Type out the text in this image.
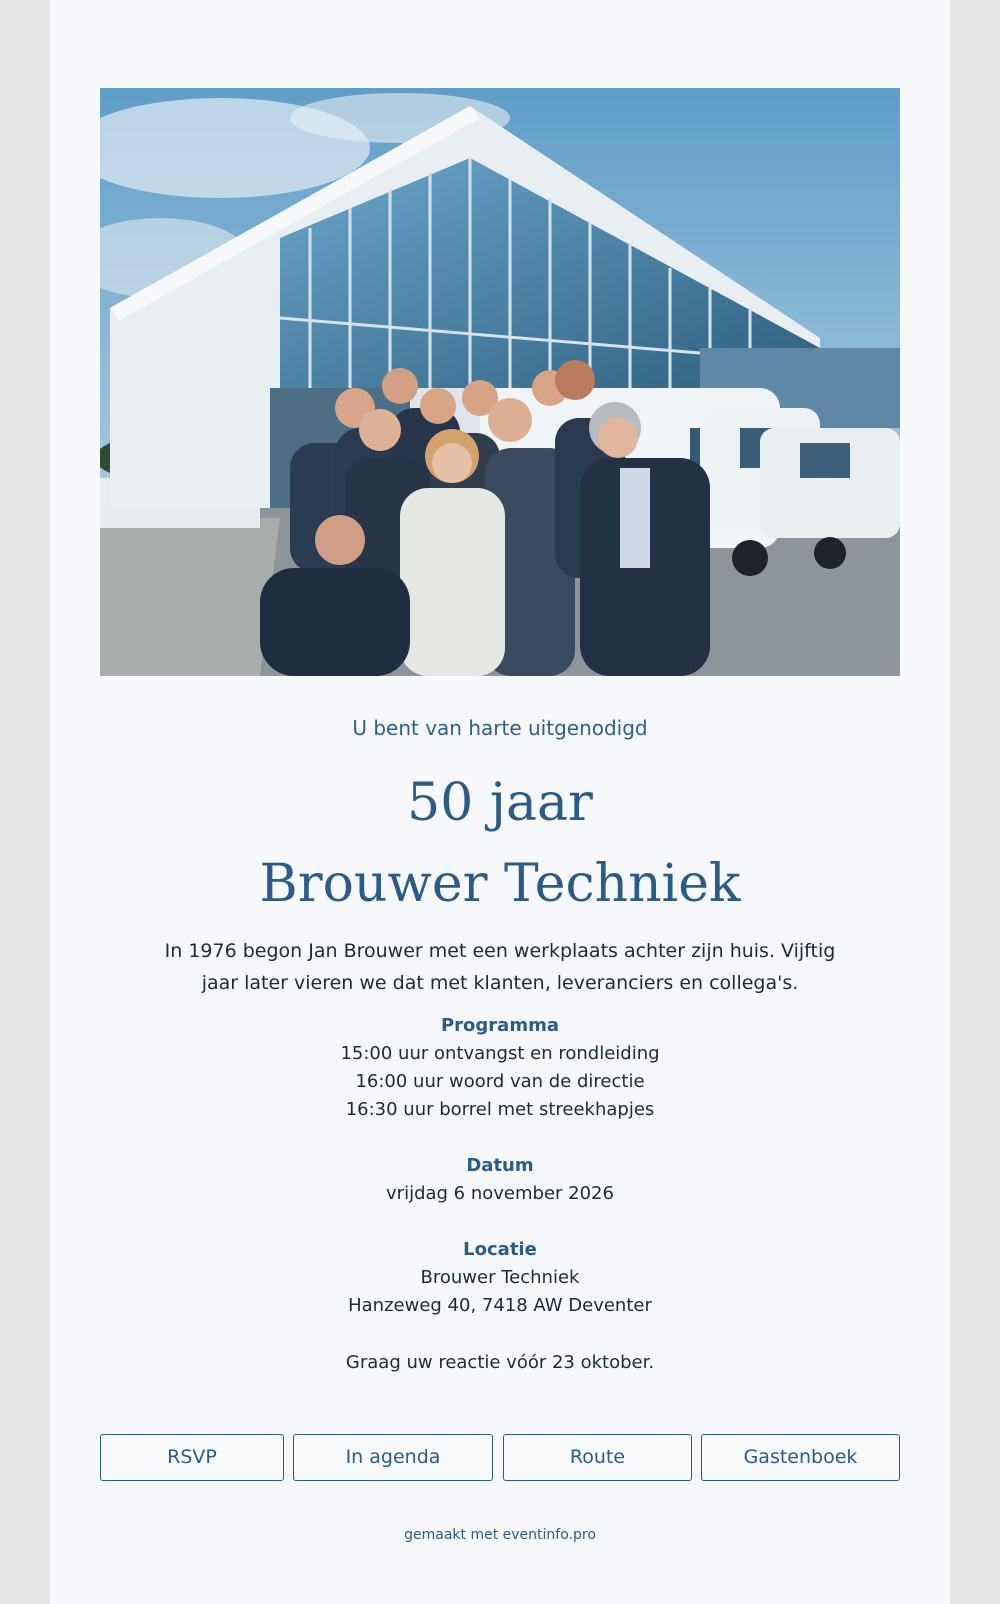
U bent van harte uitgenodigd
50 jaar
Brouwer Techniek
In 1976 begon Jan Brouwer met een werkplaats achter zijn huis. Vijftig jaar later vieren we dat met klanten, leveranciers en collega's.
Programma
15:00 uur ontvangst en rondleiding
16:00 uur woord van de directie
16:30 uur borrel met streekhapjes
Datum
vrijdag 6 november 2026
Locatie
Brouwer Techniek
Hanzeweg 40, 7418 AW Deventer
Graag uw reactie vóór 23 oktober.
RSVP	In agenda	Route	Gastenboek
gemaakt met eventinfo.pro
